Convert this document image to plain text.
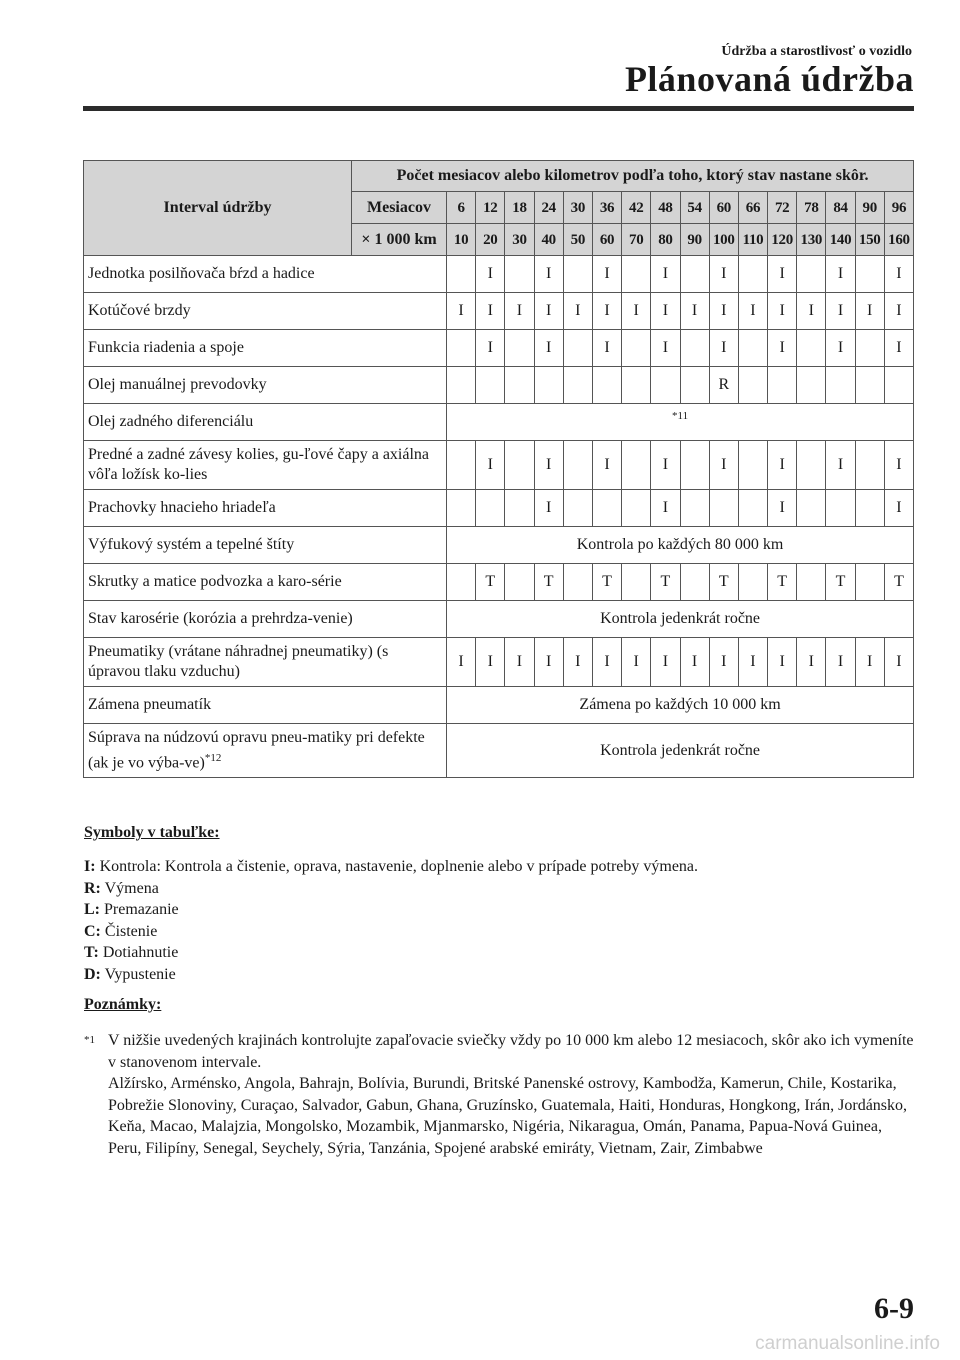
Údržba a starostlivosť o vozidlo
Plánovaná údržba
Interval údržby	Počet mesiacov alebo kilometrov podľa toho, ktorý stav nastane skôr.																
	Mesiacov	6	12	18	24	30	36	42	48	54	60	66	72	78	84	90	96
	× 1 000 km	10	20	30	40	50	60	70	80	90	100	110	120	130	140	150	160
Jednotka posilňovača bŕzd a hadice			I		I		I		I		I		I		I		I
Kotúčové brzdy		I	I	I	I	I	I	I	I	I	I	I	I	I	I	I	I
Funkcia riadenia a spoje			I		I		I		I		I		I		I		I
Olej manuálnej prevodovky											R						
Olej zadného diferenciálu		*11															
Predné a zadné závesy kolies, gu-ľové čapy a axiálna vôľa ložísk ko-lies			I		I		I		I		I		I		I		I
Prachovky hnacieho hriadeľa					I				I				I				I
Výfukový systém a tepelné štíty		Kontrola po každých 80 000 km															
Skrutky a matice podvozka a karo-série			T		T		T		T		T		T		T		T
Stav karosérie (korózia a prehrdza-venie)		Kontrola jedenkrát ročne															
Pneumatiky (vrátane náhradnej pneumatiky) (s úpravou tlaku vzduchu)		I	I	I	I	I	I	I	I	I	I	I	I	I	I	I	I
Zámena pneumatík		Zámena po každých 10 000 km															
Súprava na núdzovú opravu pneu-matiky pri defekte (ak je vo výba-ve)$^{*12}$		Kontrola jedenkrát ročne															
Symboly v tabuľke:
I: Kontrola: Kontrola a čistenie, oprava, nastavenie, doplnenie alebo v prípade potreby výmena.
R: Výmena
L: Premazanie
C: Čistenie
T: Dotiahnutie
D: Vypustenie
Poznámky:
$^{*1}$ V nižšie uvedených krajinách kontrolujte zapaľovacie sviečky vždy po 10 000 km alebo 12 mesiacoch, skôr ako ich vymeníte v stanovenom intervale.
Alžírsko, Arménsko, Angola, Bahrajn, Bolívia, Burundi, Britské Panenské ostrovy, Kambodža, Kamerun, Chile, Kostarika, Pobrežie Slonoviny, Curaçao, Salvador, Gabun, Ghana, Gruzínsko, Guatemala, Haiti, Honduras, Hongkong, Irán, Jordánsko, Keňa, Macao, Malajzia, Mongolsko, Mozambik, Mjanmarsko, Nigéria, Nikaragua, Omán, Panama, Papua-Nová Guinea, Peru, Filipíny, Senegal, Seychely, Sýria, Tanzánia, Spojené arabské emiráty, Vietnam, Zair, Zimbabwe
6-9
carmanualsonline.info
